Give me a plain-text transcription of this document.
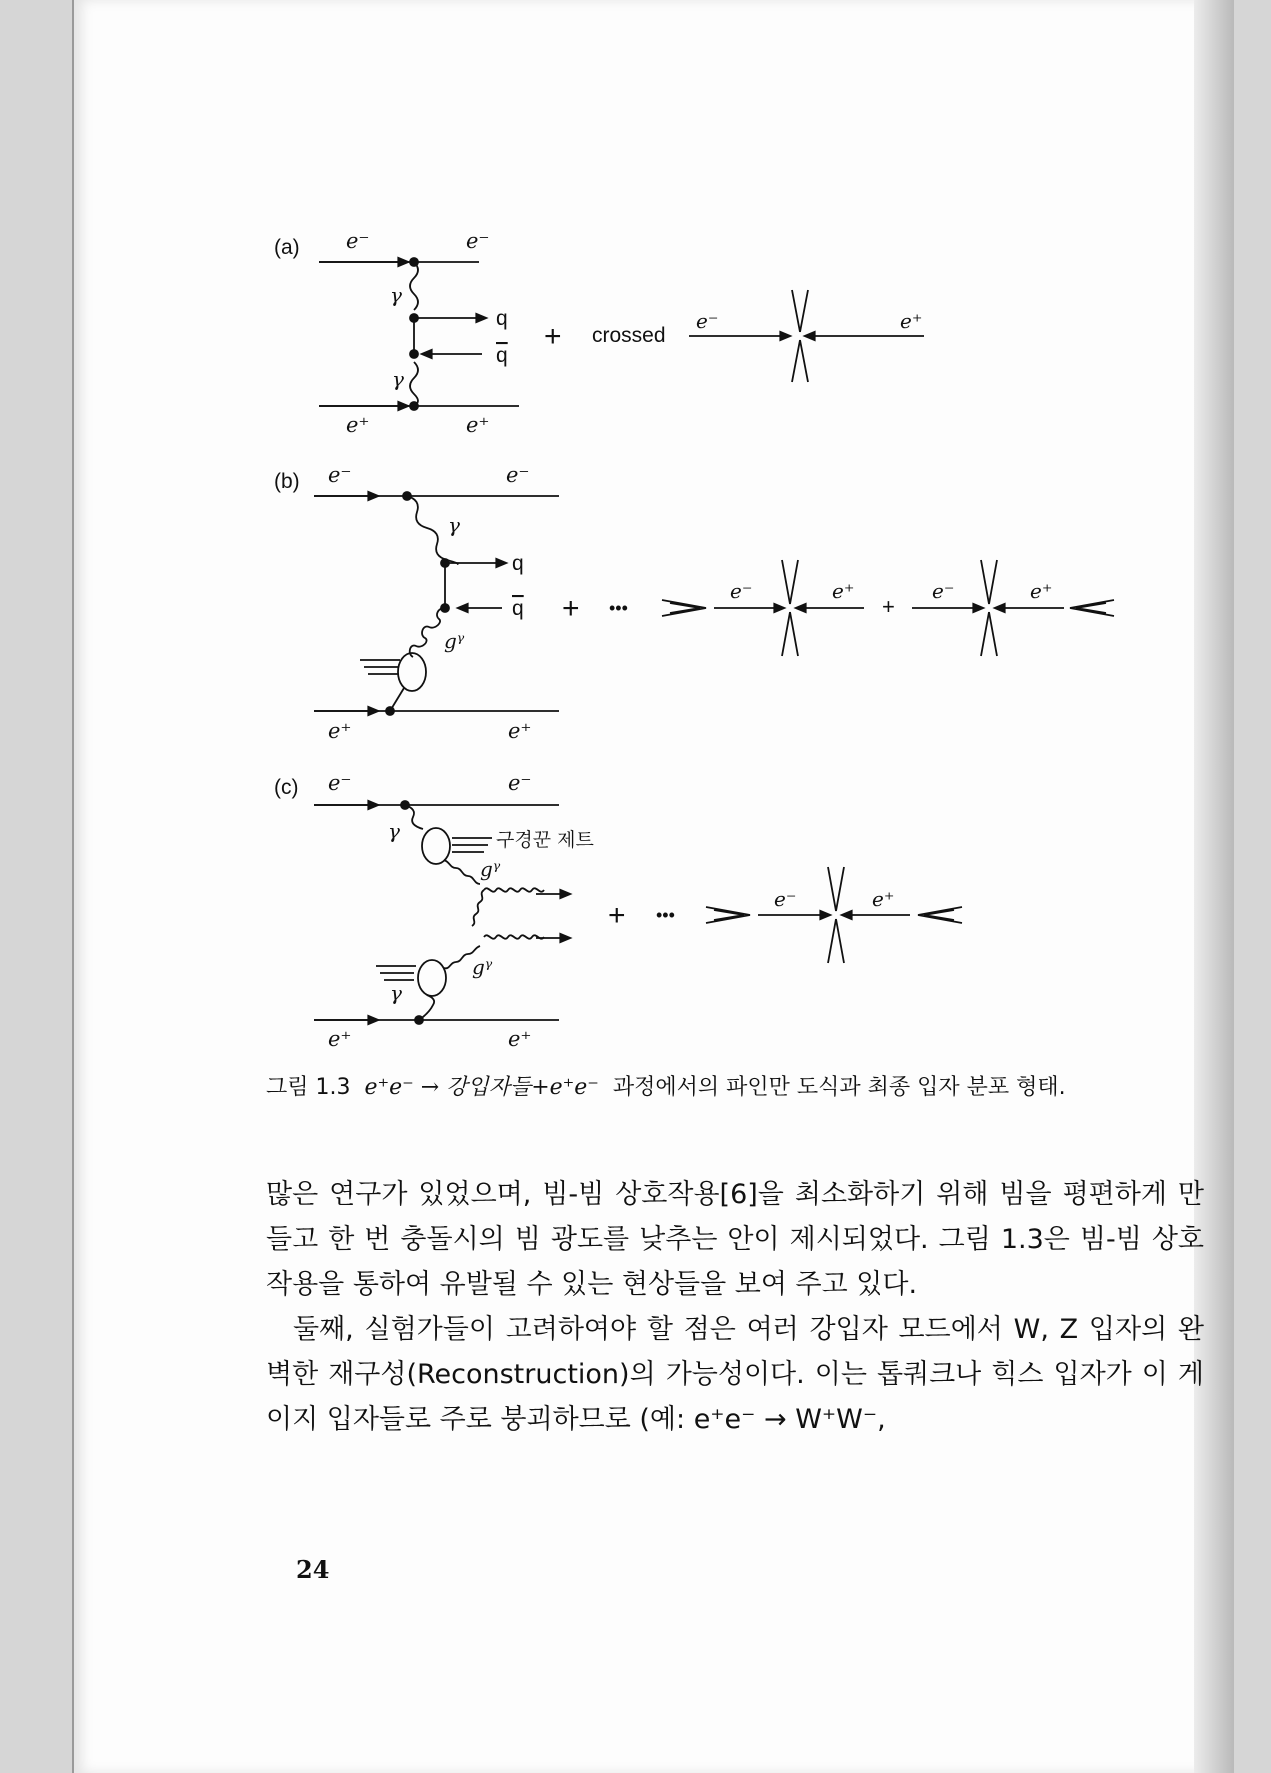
(a) e⁻	e⁻
γ
γ
q
q
e⁺	e⁺
+ crossed
e⁻	e⁺
(b) e⁻	e⁻
γ
q
q
gᵞ
e⁺	e⁺
+ •••
e⁻	e⁺
+
e⁻	e⁺
(c) e⁻	e⁻
γ	구경꾼 제트
gᵞ
gᵞ
γ
e⁺	e⁺
+ •••
e⁻	e⁺
그림 1.3 e⁺e⁻ → 강입자들+e⁺e⁻ 과정에서의 파인만 도식과 최종 입자 분포 형태.

많은 연구가 있었으며, 빔-빔 상호작용[6]을 최소화하기 위해 빔을 평편하게 만들고 한 번 충돌시의 빔 광도를 낮추는 안이 제시되었다. 그림 1.3은 빔-빔 상호작용을 통하여 유발될 수 있는 현상들을 보여 주고 있다.

둘째, 실험가들이 고려하여야 할 점은 여러 강입자 모드에서 W, Z 입자의 완벽한 재구성(Reconstruction)의 가능성이다. 이는 톱쿼크나 힉스 입자가 이 게이지 입자들로 주로 붕괴하므로 (예: e⁺e⁻ → W⁺W⁻,

24
